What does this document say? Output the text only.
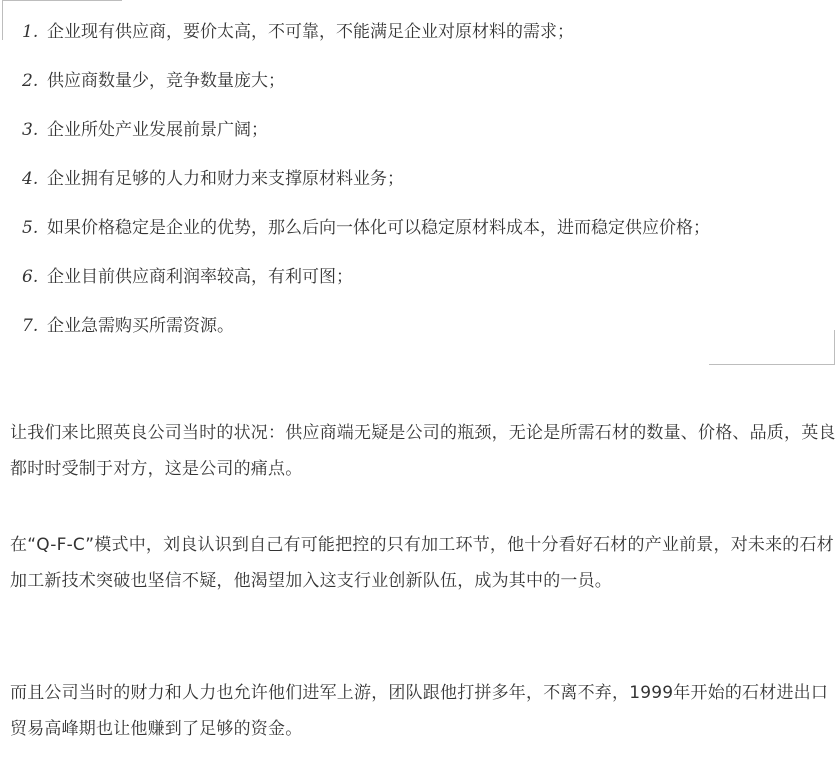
1. 企业现有供应商，要价太高，不可靠，不能满足企业对原材料的需求；
2. 供应商数量少，竞争数量庞大；
3. 企业所处产业发展前景广阔；
4. 企业拥有足够的人力和财力来支撑原材料业务；
5. 如果价格稳定是企业的优势，那么后向一体化可以稳定原材料成本，进而稳定供应价格；
6. 企业目前供应商利润率较高，有利可图；
7. 企业急需购买所需资源。

让我们来比照英良公司当时的状况：供应商端无疑是公司的瓶颈，无论是所需石材的数量、价格、品质，英良都时时受制于对方，这是公司的痛点。

在“Q-F-C”模式中，刘良认识到自己有可能把控的只有加工环节，他十分看好石材的产业前景，对未来的石材加工新技术突破也坚信不疑，他渴望加入这支行业创新队伍，成为其中的一员。

而且公司当时的财力和人力也允许他们进军上游，团队跟他打拼多年，不离不弃，1999年开始的石材进出口贸易高峰期也让他赚到了足够的资金。
